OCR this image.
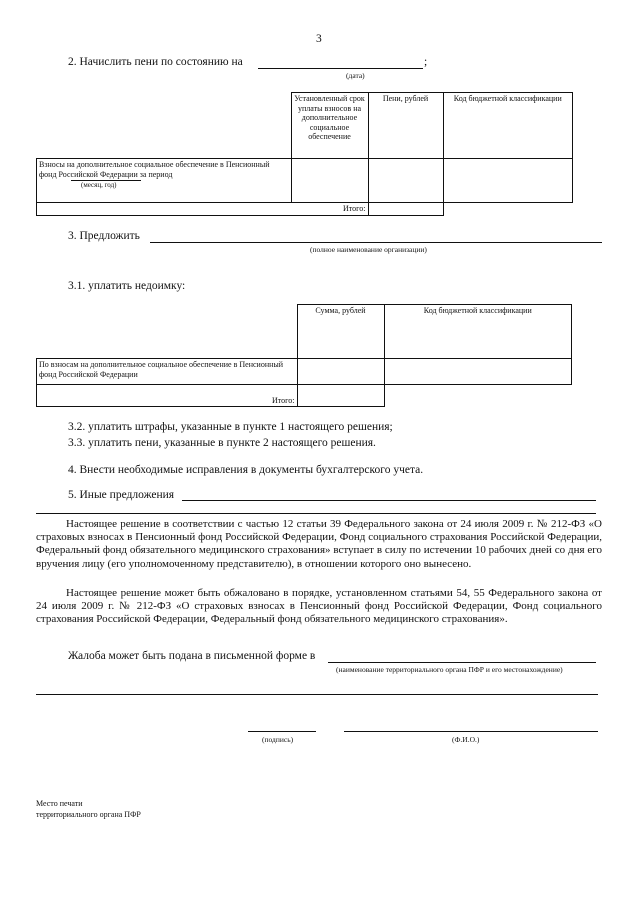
3
2. Начислить пени по состоянию на	;
(дата)
	Установленный срок уплаты взносов на дополнительное социальное обеспечение	Пени, рублей	Код бюджетной классификации

Взносы на дополнительное социальное обеспечение в Пенсионный фонд Российской Федерации за период
(месяц, год)			

	Итого:		
3. Предложить
(полное наименование организации)
3.1. уплатить недоимку:
	Сумма, рублей	Код бюджетной классификации
По взносам на дополнительное социальное обеспечение в Пенсионный фонд Российской Федерации		
Итого:		
3.2. уплатить штрафы, указанные в пункте 1 настоящего решения;
3.3. уплатить пени, указанные в пункте 2 настоящего решения.
4. Внести необходимые исправления в документы бухгалтерского учета.
5. Иные предложения
Настоящее решение в соответствии с частью 12 статьи 39 Федерального закона от 24 июля 2009 г. № 212-ФЗ «О страховых взносах в Пенсионный фонд Российской Федерации, Фонд социального страхования Российской Федерации, Федеральный фонд обязательного медицинского страхования» вступает в силу по истечении 10 рабочих дней со дня его вручения лицу (его уполномоченному представителю), в отношении которого оно вынесено.
Настоящее решение может быть обжаловано в порядке, установленном статьями 54, 55 Федерального закона от 24 июля 2009 г. № 212-ФЗ «О страховых взносах в Пенсионный фонд Российской Федерации, Фонд социального страхования Российской Федерации, Федеральный фонд обязательного медицинского страхования».
Жалоба может быть подана в письменной форме в
(наименование территориального органа ПФР и его местонахождение)
(подпись)	(Ф.И.О.)
Место печати
территориального органа ПФР
